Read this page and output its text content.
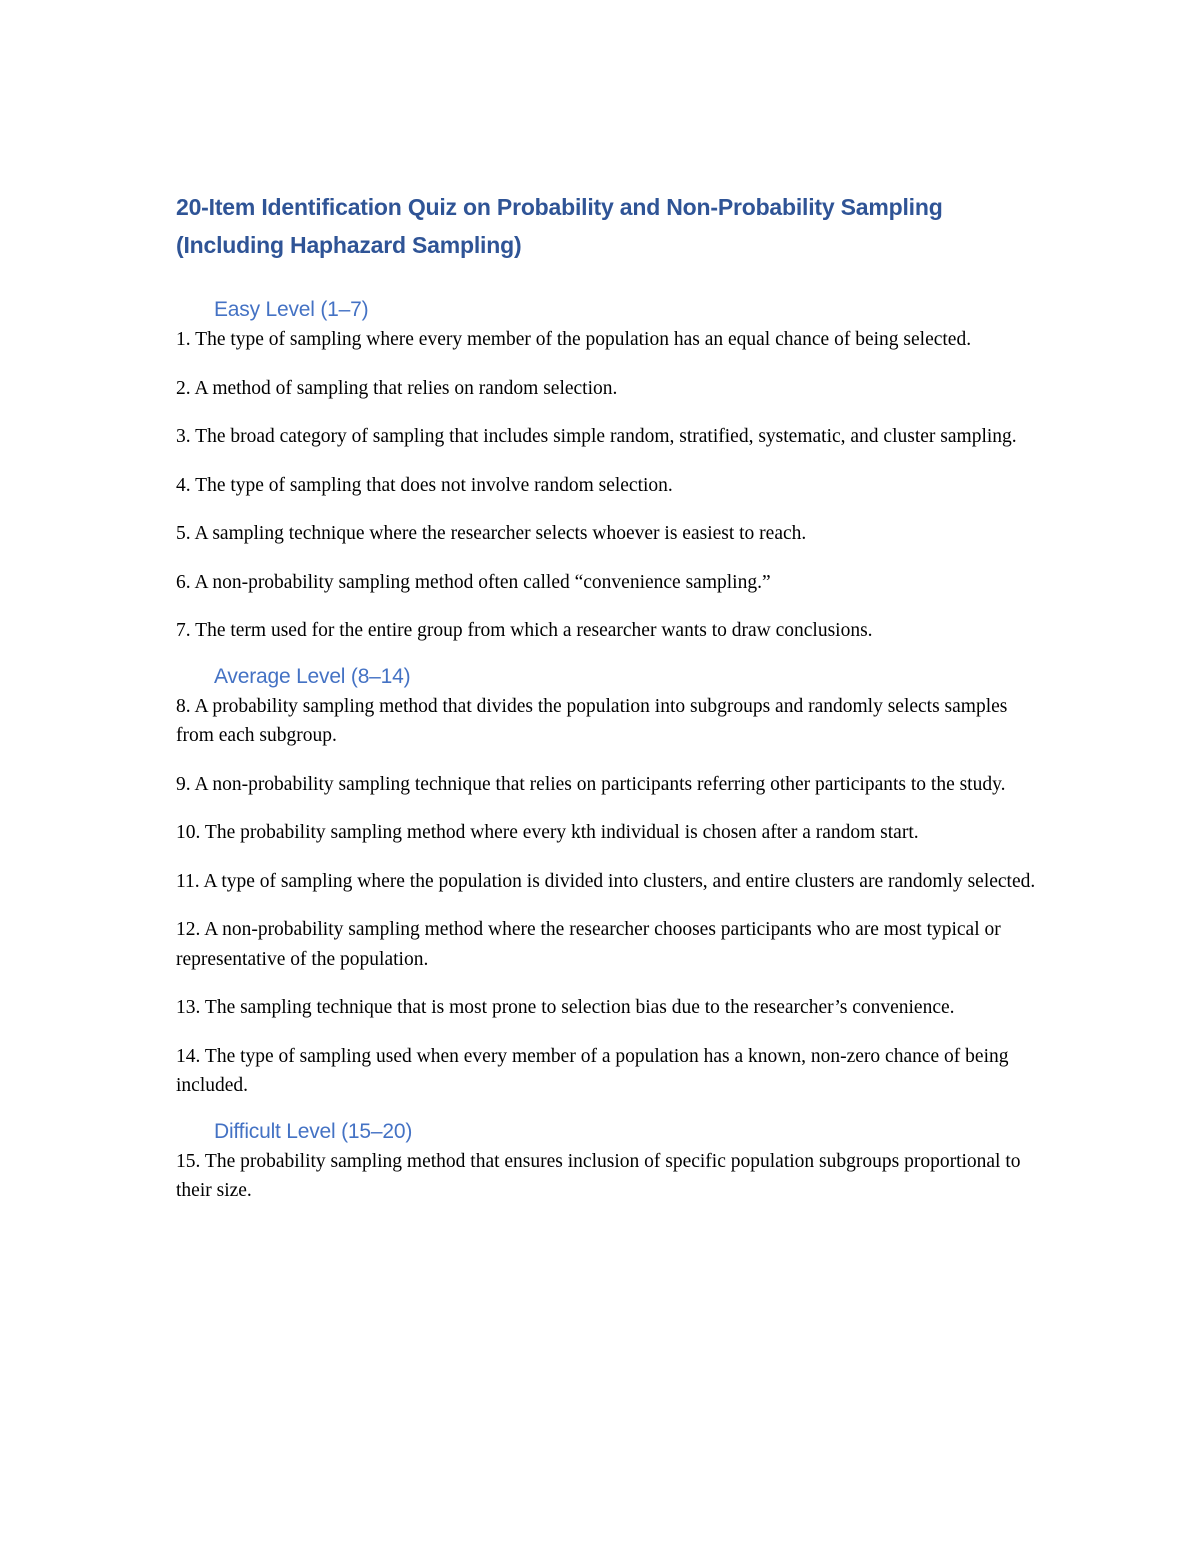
20-Item Identification Quiz on Probability and Non-Probability Sampling
(Including Haphazard Sampling)
Easy Level (1–7)
1. The type of sampling where every member of the population has an equal chance of being selected.
2. A method of sampling that relies on random selection.
3. The broad category of sampling that includes simple random, stratified, systematic, and cluster sampling.
4. The type of sampling that does not involve random selection.
5. A sampling technique where the researcher selects whoever is easiest to reach.
6. A non-probability sampling method often called “convenience sampling.”
7. The term used for the entire group from which a researcher wants to draw conclusions.
Average Level (8–14)
8. A probability sampling method that divides the population into subgroups and randomly selects samples from each subgroup.
9. A non-probability sampling technique that relies on participants referring other participants to the study.
10. The probability sampling method where every kth individual is chosen after a random start.
11. A type of sampling where the population is divided into clusters, and entire clusters are randomly selected.
12. A non-probability sampling method where the researcher chooses participants who are most typical or representative of the population.
13. The sampling technique that is most prone to selection bias due to the researcher’s convenience.
14. The type of sampling used when every member of a population has a known, non-zero chance of being included.
Difficult Level (15–20)
15. The probability sampling method that ensures inclusion of specific population subgroups proportional to their size.
